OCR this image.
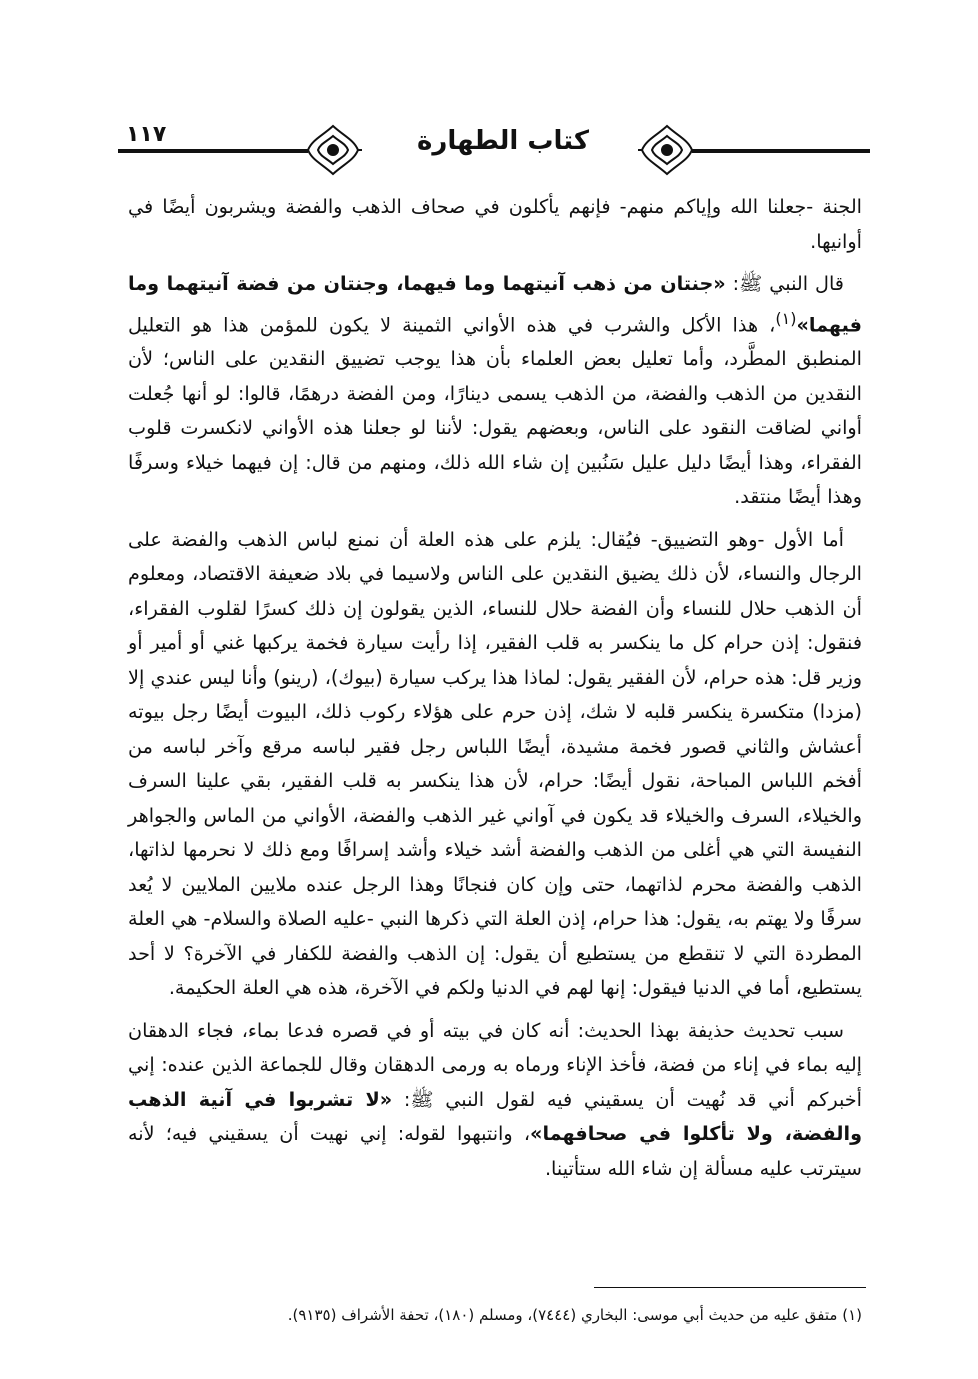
١١٧	كتاب الطهارة

الجنة -جعلنا الله وإياكم منهم- فإنهم يأكلون في صحاف الذهب والفضة ويشربون أيضًا في أوانيها.

قال النبي ﷺ: «جنتان من ذهب آنيتهما وما فيهما، وجنتان من فضة آنيتهما وما فيهما»$^{(١)}$، هذا الأكل والشرب في هذه الأواني الثمينة لا يكون للمؤمن هذا هو التعليل المنطبق المطَّرد، وأما تعليل بعض العلماء بأن هذا يوجب تضييق النقدين على الناس؛ لأن النقدين من الذهب والفضة، من الذهب يسمى دينارًا، ومن الفضة درهمًا، قالوا: لو أنها جُعلت أواني لضاقت النقود على الناس، وبعضهم يقول: لأننا لو جعلنا هذه الأواني لانكسرت قلوب الفقراء، وهذا أيضًا دليل عليل سَنُبين إن شاء الله ذلك، ومنهم من قال: إن فيهما خيلاء وسرفًا وهذا أيضًا منتقد.

أما الأول -وهو التضييق- فيُقال: يلزم على هذه العلة أن نمنع لباس الذهب والفضة على الرجال والنساء، لأن ذلك يضيق النقدين على الناس ولاسيما في بلاد ضعيفة الاقتصاد، ومعلوم أن الذهب حلال للنساء وأن الفضة حلال للنساء، الذين يقولون إن ذلك كسرًا لقلوب الفقراء، فنقول: إذن حرام كل ما ينكسر به قلب الفقير، إذا رأيت سيارة فخمة يركبها غني أو أمير أو وزير قل: هذه حرام، لأن الفقير يقول: لماذا هذا يركب سيارة (بيوك)، (رينو) وأنا ليس عندي إلا (مزدا) متكسرة ينكسر قلبه لا شك، إذن حرم على هؤلاء ركوب ذلك، البيوت أيضًا رجل بيوته أعشاش والثاني قصور فخمة مشيدة، أيضًا اللباس رجل فقير لباسه مرقع وآخر لباسه من أفخم اللباس المباحة، نقول أيضًا: حرام، لأن هذا ينكسر به قلب الفقير، بقي علينا السرف والخيلاء، السرف والخيلاء قد يكون في آواني غير الذهب والفضة، الأواني من الماس والجواهر النفيسة التي هي أغلى من الذهب والفضة أشد خيلاء وأشد إسرافًا ومع ذلك لا نحرمها لذاتها، الذهب والفضة محرم لذاتهما، حتى وإن كان فنجانًا وهذا الرجل عنده ملايين الملايين لا يُعد سرفًا ولا يهتم به، يقول: هذا حرام، إذن العلة التي ذكرها النبي -عليه الصلاة والسلام- هي العلة المطردة التي لا تنقطع من يستطيع أن يقول: إن الذهب والفضة للكفار في الآخرة؟ لا أحد يستطيع، أما في الدنيا فيقول: إنها لهم في الدنيا ولكم في الآخرة، هذه هي العلة الحكيمة.

سبب تحديث حذيفة بهذا الحديث: أنه كان في بيته أو في قصره فدعا بماء، فجاء الدهقان إليه بماء في إناء من فضة، فأخذ الإناء ورماه به ورمى الدهقان وقال للجماعة الذين عنده: إني أخبركم أني قد نُهيت أن يسقيني فيه لقول النبي ﷺ: «لا تشربوا في آنية الذهب والفضة، ولا تأكلوا في صحافهما»، وانتبهوا لقوله: إني نهيت أن يسقيني فيه؛ لأنه سيترتب عليه مسألة إن شاء الله ستأتينا.

(١) متفق عليه من حديث أبي موسى: البخاري (٧٤٤٤)، ومسلم (١٨٠)، تحفة الأشراف (٩١٣٥).
